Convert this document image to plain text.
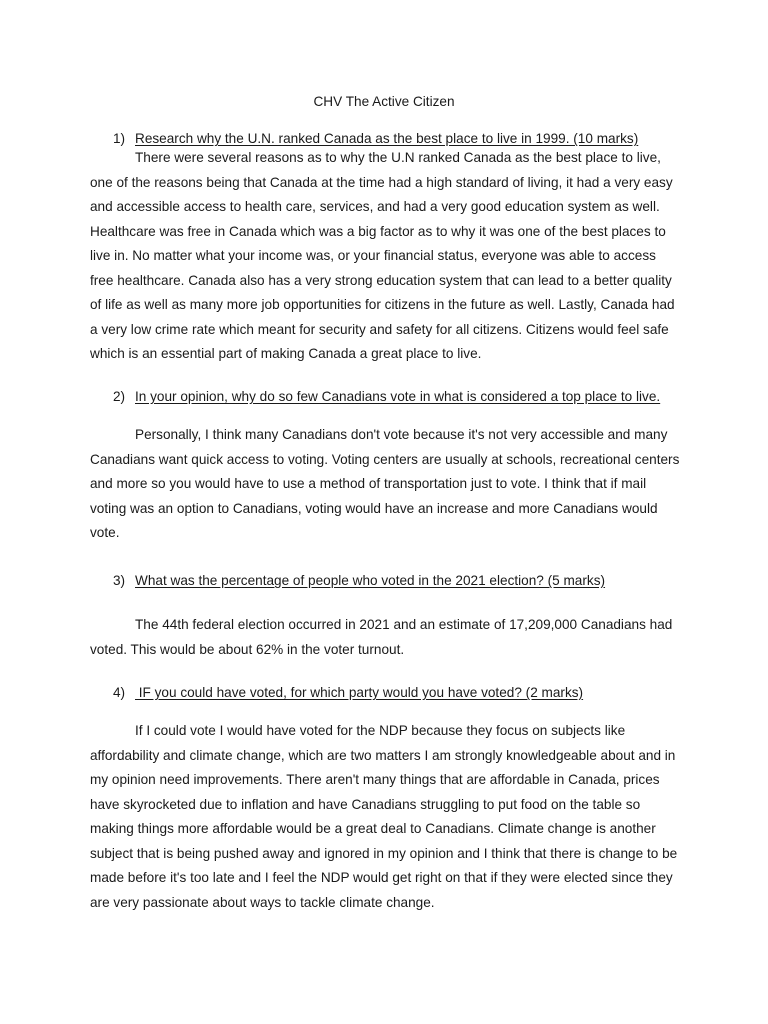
CHV The Active Citizen
1) Research why the U.N. ranked Canada as the best place to live in 1999. (10 marks)

There were several reasons as to why the U.N ranked Canada as the best place to live, one of the reasons being that Canada at the time had a high standard of living, it had a very easy and accessible access to health care, services, and had a very good education system as well. Healthcare was free in Canada which was a big factor as to why it was one of the best places to live in. No matter what your income was, or your financial status, everyone was able to access free healthcare. Canada also has a very strong education system that can lead to a better quality of life as well as many more job opportunities for citizens in the future as well. Lastly, Canada had a very low crime rate which meant for security and safety for all citizens. Citizens would feel safe which is an essential part of making Canada a great place to live.

2) In your opinion, why do so few Canadians vote in what is considered a top place to live.

Personally, I think many Canadians don't vote because it's not very accessible and many Canadians want quick access to voting. Voting centers are usually at schools, recreational centers and more so you would have to use a method of transportation just to vote. I think that if mail voting was an option to Canadians, voting would have an increase and more Canadians would vote.

3) What was the percentage of people who voted in the 2021 election? (5 marks)

The 44th federal election occurred in 2021 and an estimate of 17,209,000 Canadians had voted. This would be about 62% in the voter turnout.

4) IF you could have voted, for which party would you have voted? (2 marks)

If I could vote I would have voted for the NDP because they focus on subjects like affordability and climate change, which are two matters I am strongly knowledgeable about and in my opinion need improvements. There aren't many things that are affordable in Canada, prices have skyrocketed due to inflation and have Canadians struggling to put food on the table so making things more affordable would be a great deal to Canadians. Climate change is another subject that is being pushed away and ignored in my opinion and I think that there is change to be made before it's too late and I feel the NDP would get right on that if they were elected since they are very passionate about ways to tackle climate change.
